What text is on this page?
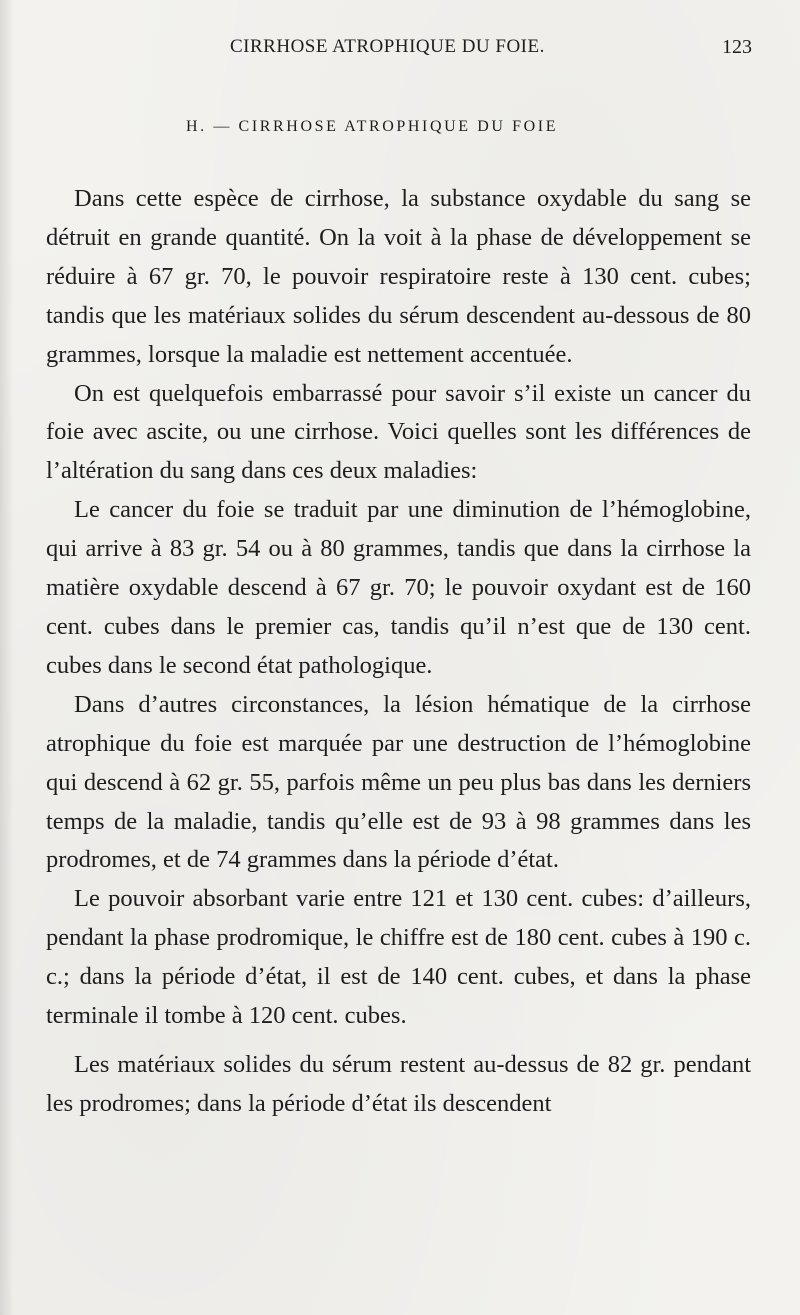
CIRRHOSE ATROPHIQUE DU FOIE.	123
H. — CIRRHOSE ATROPHIQUE DU FOIE

Dans cette espèce de cirrhose, la substance oxydable du sang se détruit en grande quantité. On la voit à la phase de développement se réduire à 67 gr. 70, le pouvoir respiratoire reste à 130 cent. cubes; tandis que les matériaux solides du sérum descendent au-dessous de 80 grammes, lorsque la maladie est nettement accentuée.

On est quelquefois embarrassé pour savoir s’il existe un cancer du foie avec ascite, ou une cirrhose. Voici quelles sont les différences de l’altération du sang dans ces deux maladies:

Le cancer du foie se traduit par une diminution de l’hémoglobine, qui arrive à 83 gr. 54 ou à 80 grammes, tandis que dans la cirrhose la matière oxydable descend à 67 gr. 70; le pouvoir oxydant est de 160 cent. cubes dans le premier cas, tandis qu’il n’est que de 130 cent. cubes dans le second état pathologique.

Dans d’autres circonstances, la lésion hématique de la cirrhose atrophique du foie est marquée par une destruction de l’hémoglobine qui descend à 62 gr. 55, parfois même un peu plus bas dans les derniers temps de la maladie, tandis qu’elle est de 93 à 98 grammes dans les prodromes, et de 74 grammes dans la période d’état.

Le pouvoir absorbant varie entre 121 et 130 cent. cubes: d’ailleurs, pendant la phase prodromique, le chiffre est de 180 cent. cubes à 190 c. c.; dans la période d’état, il est de 140 cent. cubes, et dans la phase terminale il tombe à 120 cent. cubes.

Les matériaux solides du sérum restent au-dessus de 82 gr. pendant les prodromes; dans la période d’état ils descendent
